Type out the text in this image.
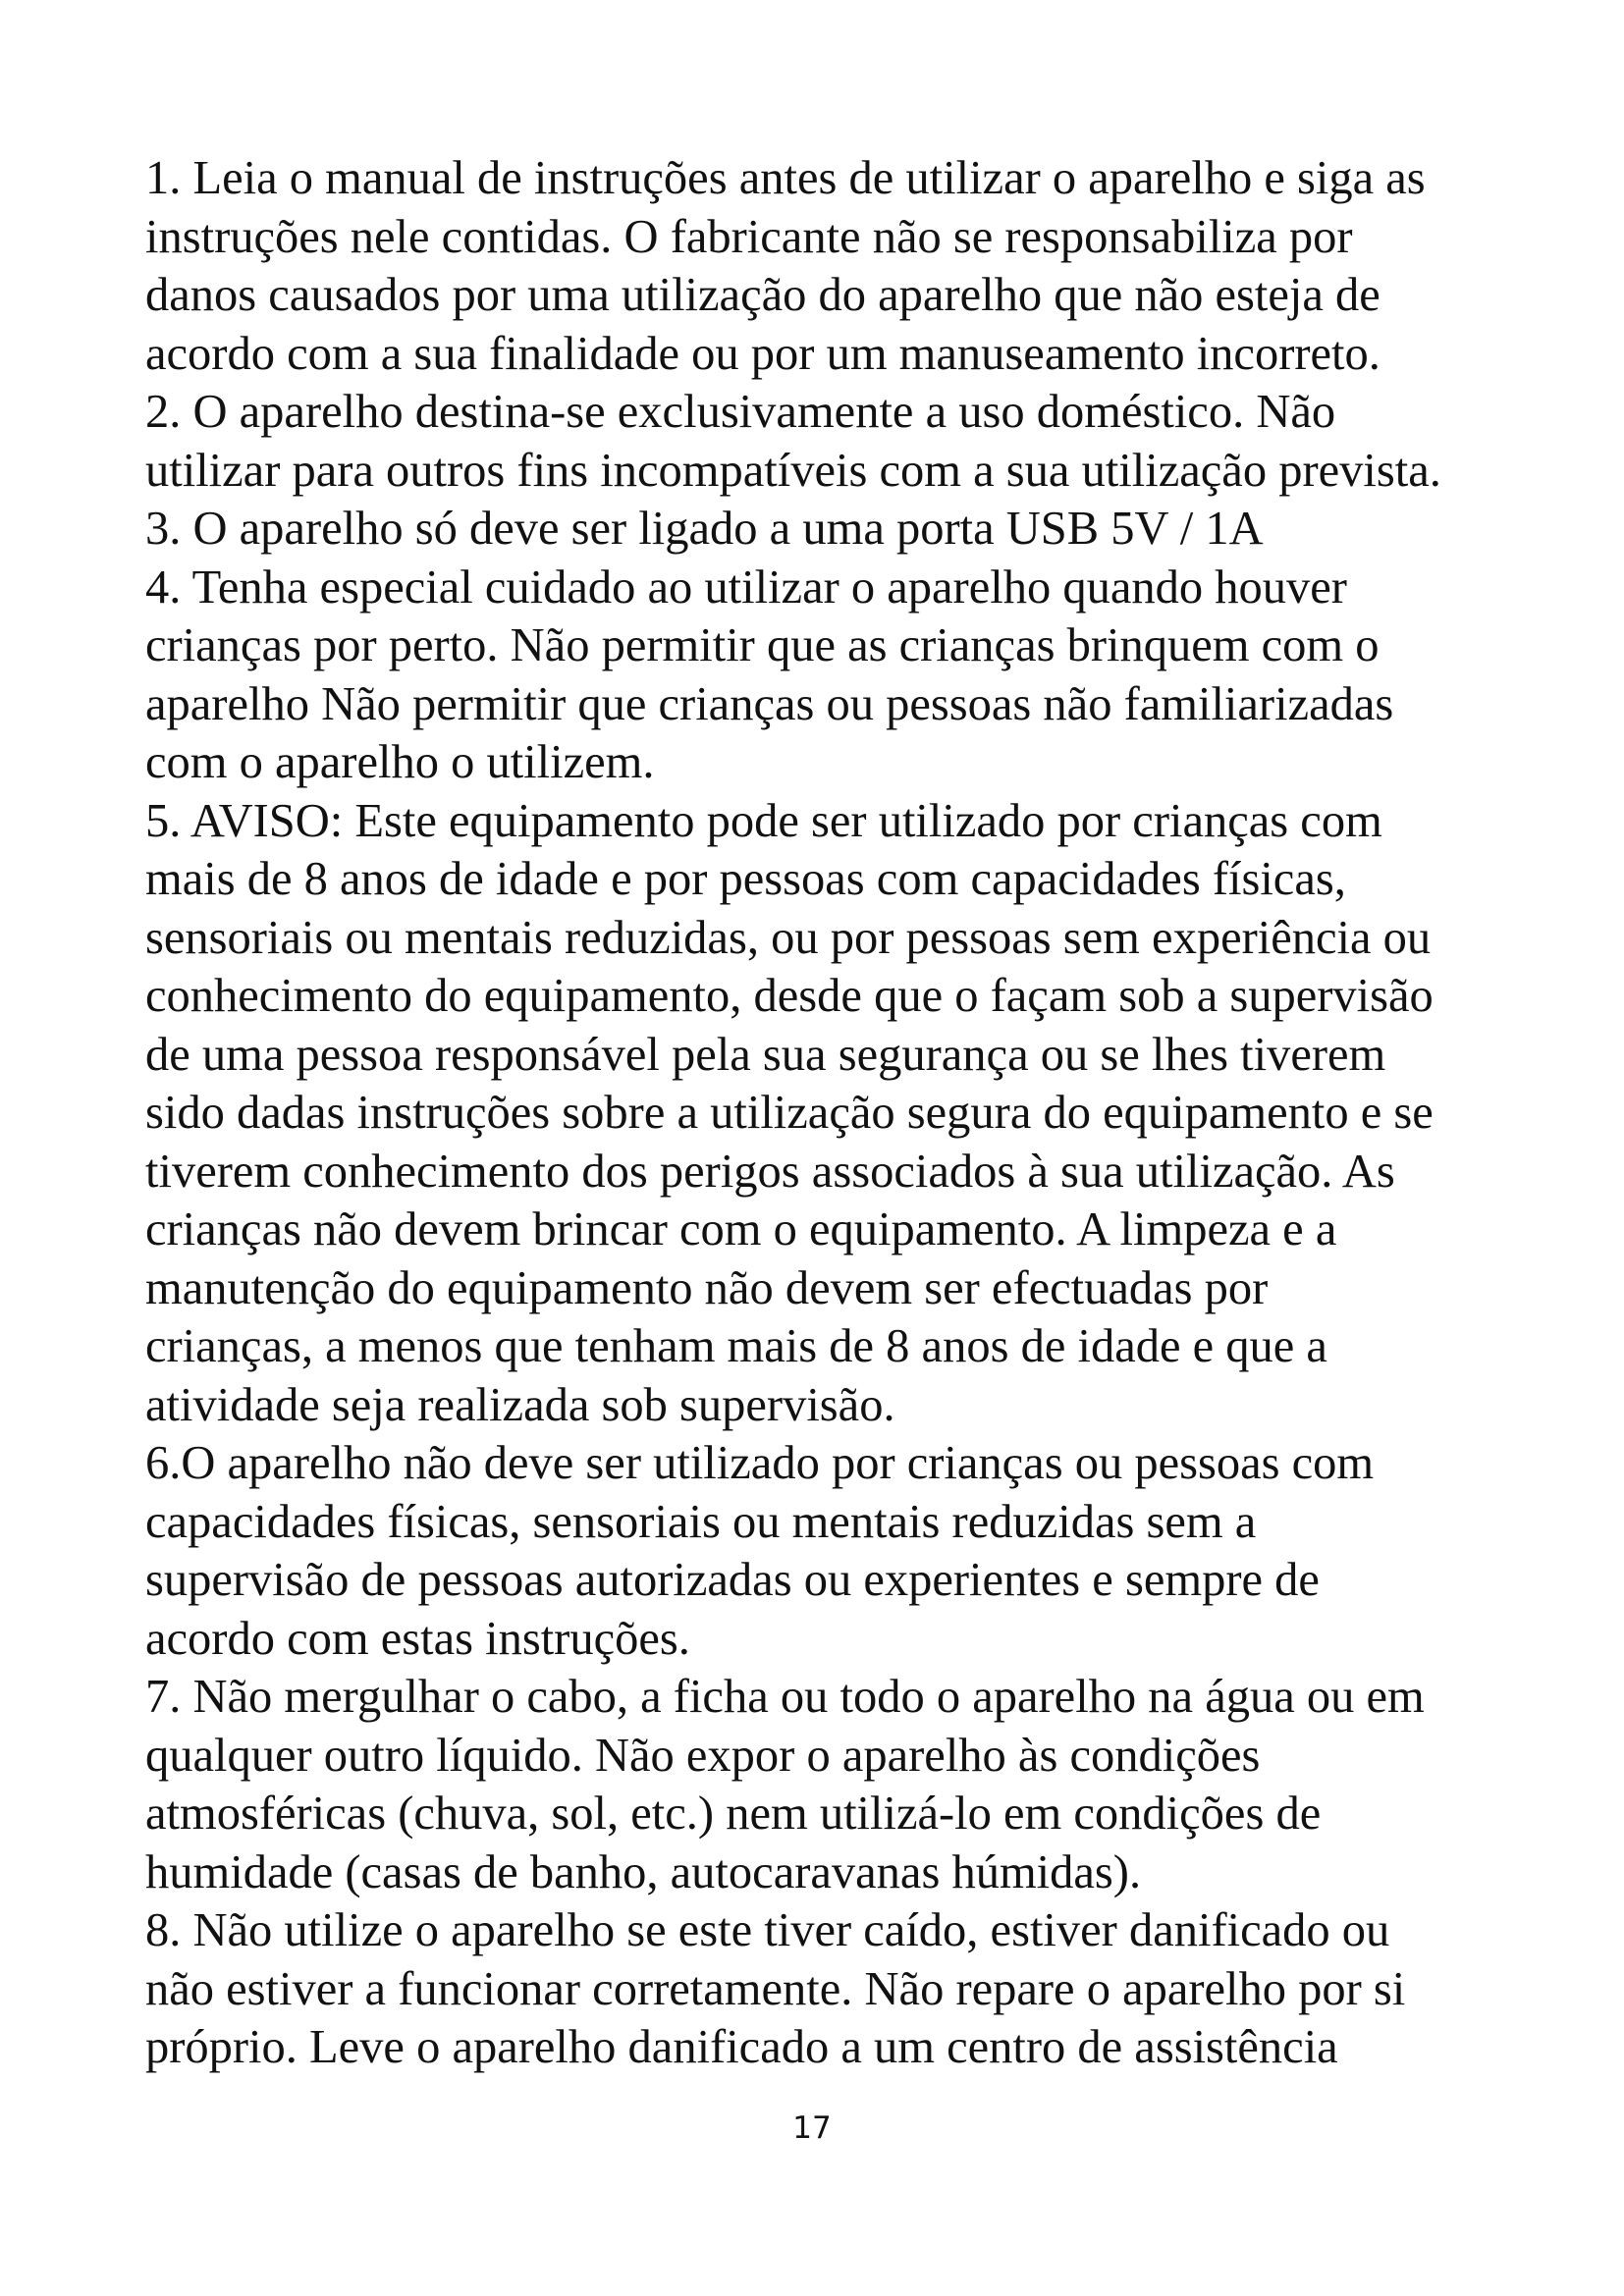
1. Leia o manual de instruções antes de utilizar o aparelho e siga as
instruções nele contidas. O fabricante não se responsabiliza por
danos causados por uma utilização do aparelho que não esteja de
acordo com a sua finalidade ou por um manuseamento incorreto.
2. O aparelho destina-se exclusivamente a uso doméstico. Não
utilizar para outros fins incompatíveis com a sua utilização prevista.
3. O aparelho só deve ser ligado a uma porta USB 5V / 1A
4. Tenha especial cuidado ao utilizar o aparelho quando houver
crianças por perto. Não permitir que as crianças brinquem com o
aparelho Não permitir que crianças ou pessoas não familiarizadas
com o aparelho o utilizem.
5. AVISO: Este equipamento pode ser utilizado por crianças com
mais de 8 anos de idade e por pessoas com capacidades físicas,
sensoriais ou mentais reduzidas, ou por pessoas sem experiência ou
conhecimento do equipamento, desde que o façam sob a supervisão
de uma pessoa responsável pela sua segurança ou se lhes tiverem
sido dadas instruções sobre a utilização segura do equipamento e se
tiverem conhecimento dos perigos associados à sua utilização. As
crianças não devem brincar com o equipamento. A limpeza e a
manutenção do equipamento não devem ser efectuadas por
crianças, a menos que tenham mais de 8 anos de idade e que a
atividade seja realizada sob supervisão.
6.O aparelho não deve ser utilizado por crianças ou pessoas com
capacidades físicas, sensoriais ou mentais reduzidas sem a
supervisão de pessoas autorizadas ou experientes e sempre de
acordo com estas instruções.
7. Não mergulhar o cabo, a ficha ou todo o aparelho na água ou em
qualquer outro líquido. Não expor o aparelho às condições
atmosféricas (chuva, sol, etc.) nem utilizá-lo em condições de
humidade (casas de banho, autocaravanas húmidas).
8. Não utilize o aparelho se este tiver caído, estiver danificado ou
não estiver a funcionar corretamente. Não repare o aparelho por si
próprio. Leve o aparelho danificado a um centro de assistência
17
